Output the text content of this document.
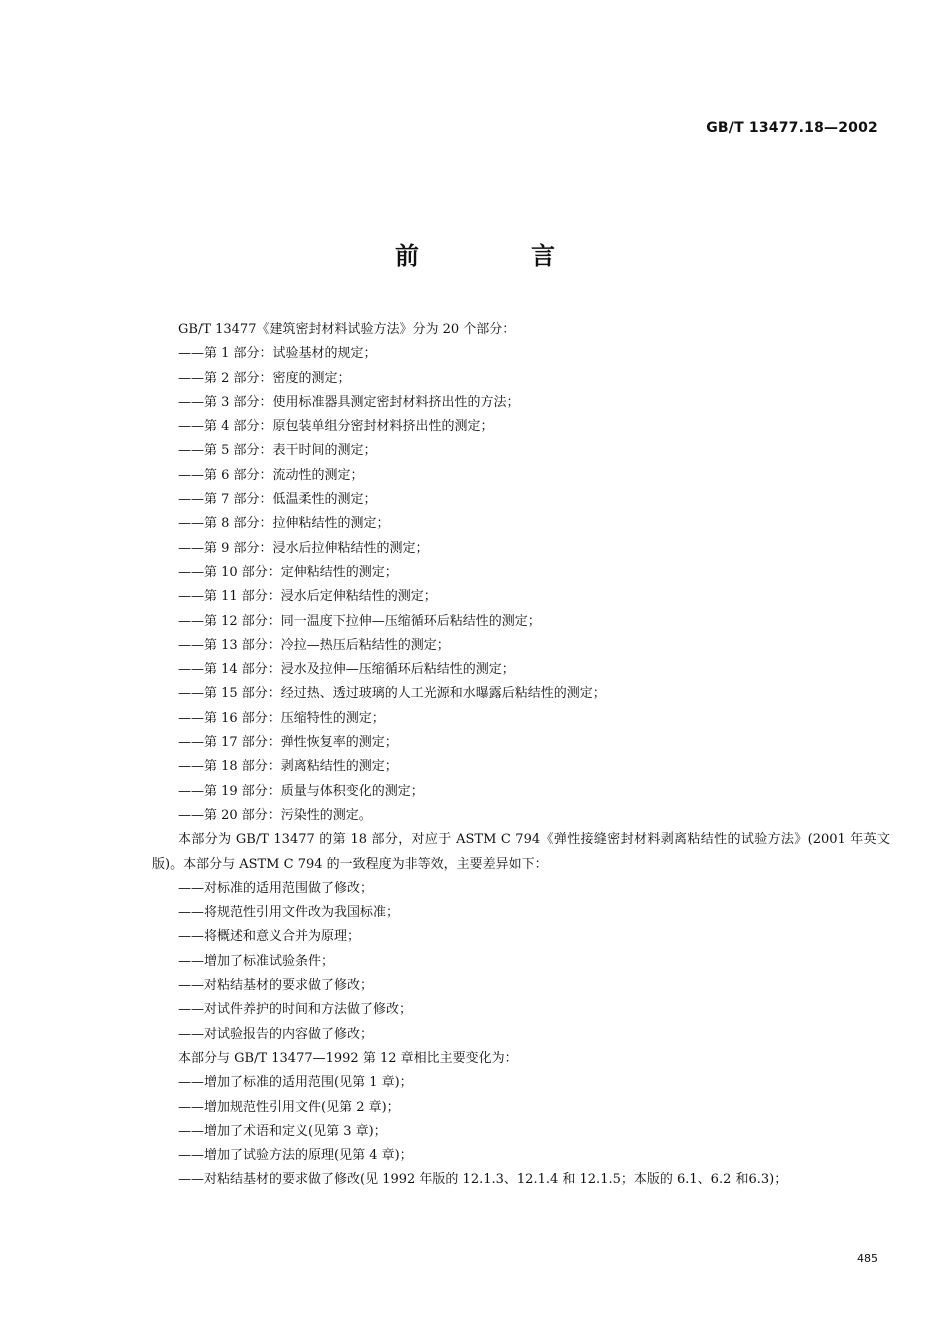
GB/T 13477.18—2002
前　言
GB/T 13477《建筑密封材料试验方法》分为 20 个部分：
——第 1 部分：试验基材的规定；
——第 2 部分：密度的测定；
——第 3 部分：使用标准器具测定密封材料挤出性的方法；
——第 4 部分：原包装单组分密封材料挤出性的测定；
——第 5 部分：表干时间的测定；
——第 6 部分：流动性的测定；
——第 7 部分：低温柔性的测定；
——第 8 部分：拉伸粘结性的测定；
——第 9 部分：浸水后拉伸粘结性的测定；
——第 10 部分：定伸粘结性的测定；
——第 11 部分：浸水后定伸粘结性的测定；
——第 12 部分：同一温度下拉伸—压缩循环后粘结性的测定；
——第 13 部分：冷拉—热压后粘结性的测定；
——第 14 部分：浸水及拉伸—压缩循环后粘结性的测定；
——第 15 部分：经过热、透过玻璃的人工光源和水曝露后粘结性的测定；
——第 16 部分：压缩特性的测定；
——第 17 部分：弹性恢复率的测定；
——第 18 部分：剥离粘结性的测定；
——第 19 部分：质量与体积变化的测定；
——第 20 部分：污染性的测定。
本部分为 GB/T 13477 的第 18 部分，对应于 ASTM C 794《弹性接缝密封材料剥离粘结性的试验方法》(2001 年英文版)。本部分与 ASTM C 794 的一致程度为非等效，主要差异如下：
——对标准的适用范围做了修改；
——将规范性引用文件改为我国标准；
——将概述和意义合并为原理；
——增加了标准试验条件；
——对粘结基材的要求做了修改；
——对试件养护的时间和方法做了修改；
——对试验报告的内容做了修改；
本部分与 GB/T 13477—1992 第 12 章相比主要变化为：
——增加了标准的适用范围(见第 1 章)；
——增加规范性引用文件(见第 2 章)；
——增加了术语和定义(见第 3 章)；
——增加了试验方法的原理(见第 4 章)；
——对粘结基材的要求做了修改(见 1992 年版的 12.1.3、12.1.4 和 12.1.5；本版的 6.1、6.2 和6.3)；
485
